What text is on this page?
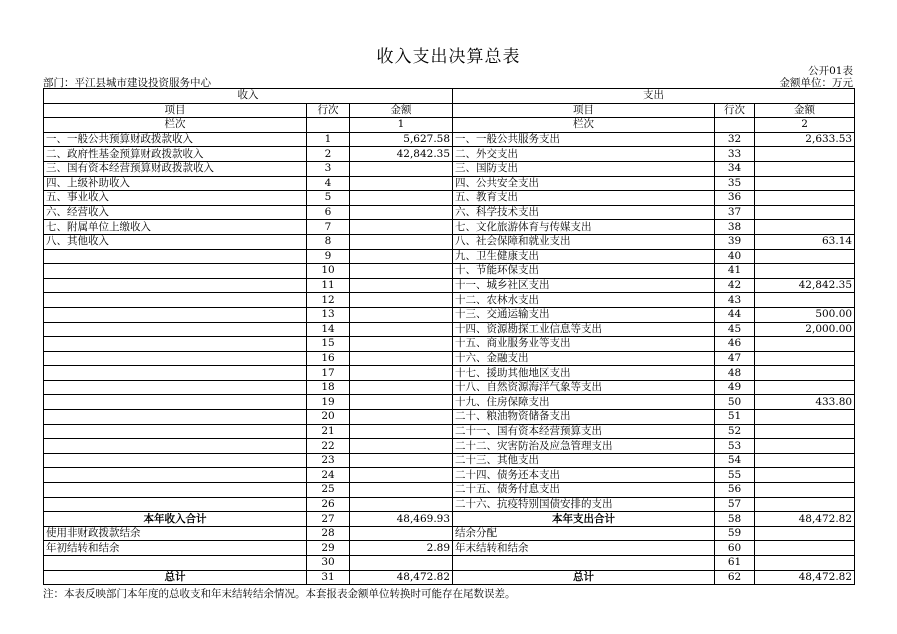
收入支出决算总表
公开01表
部门：平江县城市建设投资服务中心	金额单位：万元
收入			支出		
项目	行次	金额	项目	行次	金额
栏次		1	栏次		2
一、一般公共预算财政拨款收入	1	5,627.58	一、一般公共服务支出	32	2,633.53
二、政府性基金预算财政拨款收入	2	42,842.35	二、外交支出	33	
三、国有资本经营预算财政拨款收入	3		三、国防支出	34	
四、上级补助收入	4		四、公共安全支出	35	
五、事业收入	5		五、教育支出	36	
六、经营收入	6		六、科学技术支出	37	
七、附属单位上缴收入	7		七、文化旅游体育与传媒支出	38	
八、其他收入	8		八、社会保障和就业支出	39	63.14
	9		九、卫生健康支出	40	
	10		十、节能环保支出	41	
	11		十一、城乡社区支出	42	42,842.35
	12		十二、农林水支出	43	
	13		十三、交通运输支出	44	500.00
	14		十四、资源勘探工业信息等支出	45	2,000.00
	15		十五、商业服务业等支出	46	
	16		十六、金融支出	47	
	17		十七、援助其他地区支出	48	
	18		十八、自然资源海洋气象等支出	49	
	19		十九、住房保障支出	50	433.80
	20		二十、粮油物资储备支出	51	
	21		二十一、国有资本经营预算支出	52	
	22		二十二、灾害防治及应急管理支出	53	
	23		二十三、其他支出	54	
	24		二十四、债务还本支出	55	
	25		二十五、债务付息支出	56	
	26		二十六、抗疫特别国债安排的支出	57	
本年收入合计	27	48,469.93	本年支出合计	58	48,472.82
使用非财政拨款结余	28		结余分配	59	
年初结转和结余	29	2.89	年末结转和结余	60	
	30			61	
总计	31	48,472.82	总计	62	48,472.82
注：本表反映部门本年度的总收支和年末结转结余情况。本套报表金额单位转换时可能存在尾数误差。
